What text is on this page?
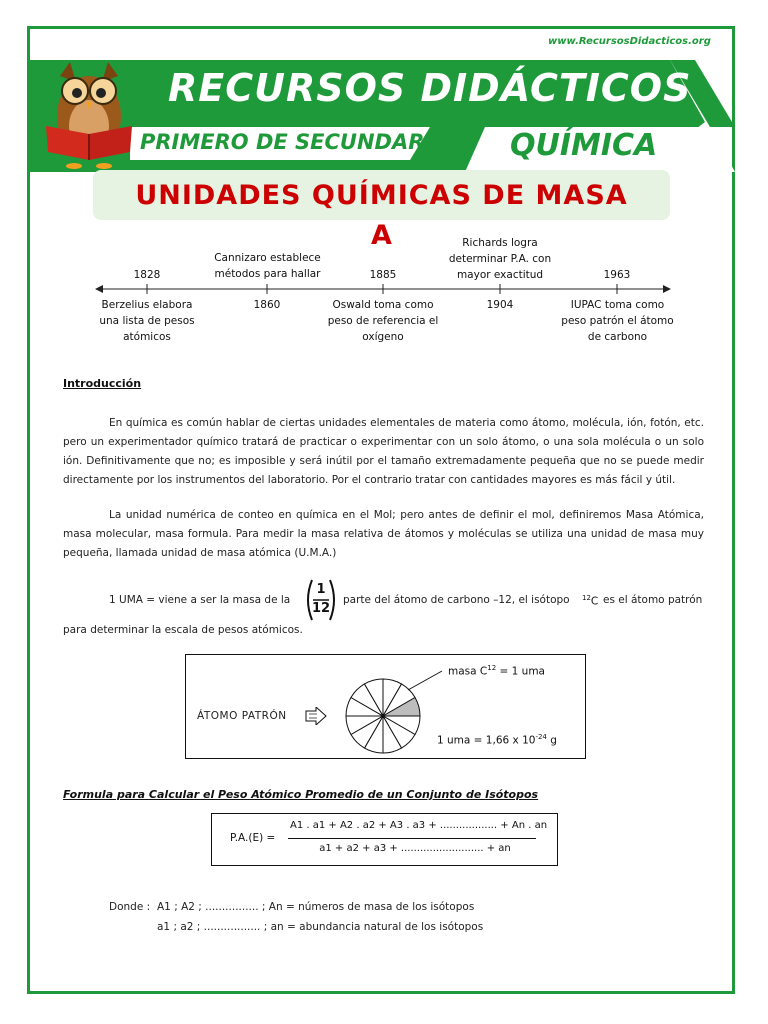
www.RecursosDidacticos.org
RECURSOS DIDÁCTICOS
PRIMERO DE SECUNDARIA QUÍMICA
UNIDADES QUÍMICAS DE MASA
A
1828
Berzelius elabora una lista de pesos atómicos
Cannizaro establece métodos para hallar
1860
1885
Oswald toma como peso de referencia el oxígeno
Richards logra determinar P.A. con mayor exactitud
1904
1963
IUPAC toma como peso patrón el átomo de carbono
Introducción
En química es común hablar de ciertas unidades elementales de materia como átomo, molécula, ión, fotón, etc. pero un experimentador químico tratará de practicar o experimentar con un solo átomo, o una sola molécula o un solo ión. Definitivamente que no; es imposible y será inútil por el tamaño extremadamente pequeña que no se puede medir directamente por los instrumentos del laboratorio. Por el contrario tratar con cantidades mayores es más fácil y útil.
La unidad numérica de conteo en química en el Mol; pero antes de definir el mol, definiremos Masa Atómica, masa molecular, masa formula. Para medir la masa relativa de átomos y moléculas se utiliza una unidad de masa muy pequeña, llamada unidad de masa atómica (U.M.A.)
1 UMA = viene a ser la masa de la
1
12
parte del átomo de carbono –12, el isótopo $^{12}$C es el átomo patrón
para determinar la escala de pesos atómicos.
ÁTOMO PATRÓN
masa $C^{12} = 1$ uma
1 uma = 1,66 x $10^{-24}$ g
Formula para Calcular el Peso Atómico Promedio de un Conjunto de Isótopos
P.A.(E) =
A1 . a1 + A2 . a2 + A3 . a3 + .................. + An . an
a1 + a2 + a3 + .......................... + an
Donde : A1 ; A2 ; ................ ; An = números de masa de los isótopos
a1 ; a2 ; ................. ; an = abundancia natural de los isótopos
